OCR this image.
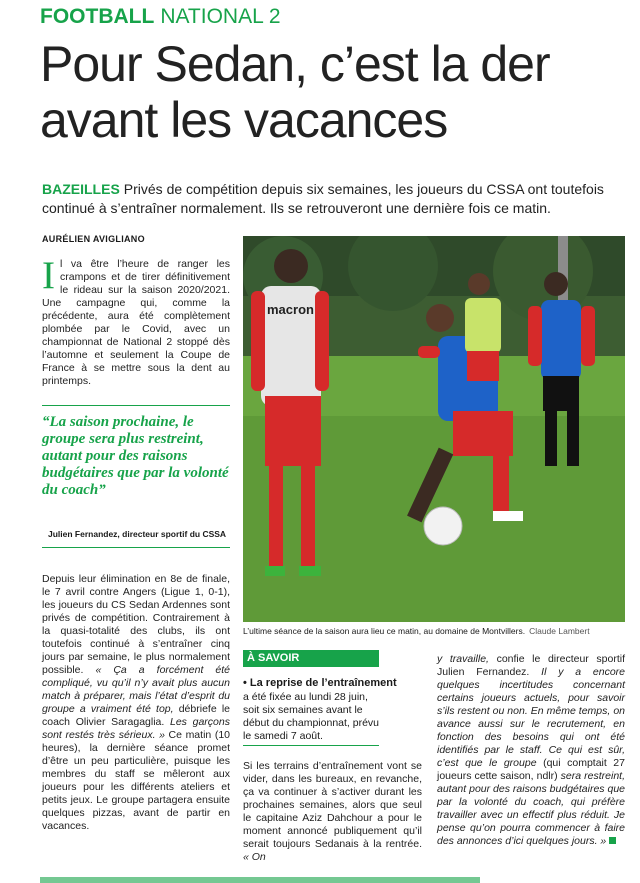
FOOTBALL NATIONAL 2
Pour Sedan, c’est la der
avant les vacances
BAZEILLES Privés de compétition depuis six semaines, les joueurs du CSSA ont toutefois continué à s’entraîner normalement. Ils se retrouveront une dernière fois ce matin.
AURÉLIEN AVIGLIANO
Il va être l’heure de ranger les crampons et de tirer définitivement le rideau sur la saison 2020/2021. Une campagne qui, comme la précédente, aura été complètement plombée par le Covid, avec un championnat de National 2 stoppé dès l’automne et seulement la Coupe de France à se mettre sous la dent au printemps.
“La saison prochaine, le groupe sera plus restreint, autant pour des raisons budgétaires que par la volonté du coach”
Julien Fernandez, directeur sportif du CSSA
Depuis leur élimination en 8e de finale, le 7 avril contre Angers (Ligue 1, 0-1), les joueurs du CS Sedan Ardennes sont privés de compétition. Contrairement à la quasi-totalité des clubs, ils ont toutefois continué à s’entraîner cinq jours par semaine, le plus normalement possible. « Ça a forcément été compliqué, vu qu’il n’y avait plus aucun match à préparer, mais l’état d’esprit du groupe a vraiment été top, débriefe le coach Olivier Saragaglia. Les garçons sont restés très sérieux. » Ce matin (10 heures), la dernière séance promet d’être un peu particulière, puisque les membres du staff se mêleront aux joueurs pour les différents ateliers et petits jeux. Le groupe partagera ensuite quelques pizzas, avant de partir en vacances.
macron
L’ultime séance de la saison aura lieu ce matin, au domaine de Montvillers. Claude Lambert
À SAVOIR
• La reprise de l’entraînement
a été fixée au lundi 28 juin, soit six semaines avant le début du championnat, prévu le samedi 7 août.
Si les terrains d’entraînement vont se vider, dans les bureaux, en revanche, ça va continuer à s’activer durant les prochaines semaines, alors que seul le capitaine Aziz Dahchour a pour le moment annoncé publiquement qu’il serait toujours Sedanais à la rentrée. « On
y travaille, confie le directeur sportif Julien Fernandez. Il y a encore quelques incertitudes concernant certains joueurs actuels, pour savoir s’ils restent ou non. En même temps, on avance aussi sur le recrutement, en fonction des besoins qui ont été identifiés par le staff. Ce qui est sûr, c’est que le groupe (qui comptait 27 joueurs cette saison, ndlr) sera restreint, autant pour des raisons budgétaires que par la volonté du coach, qui préfère travailler avec un effectif plus réduit. Je pense qu’on pourra commencer à faire des annonces d’ici quelques jours. »
